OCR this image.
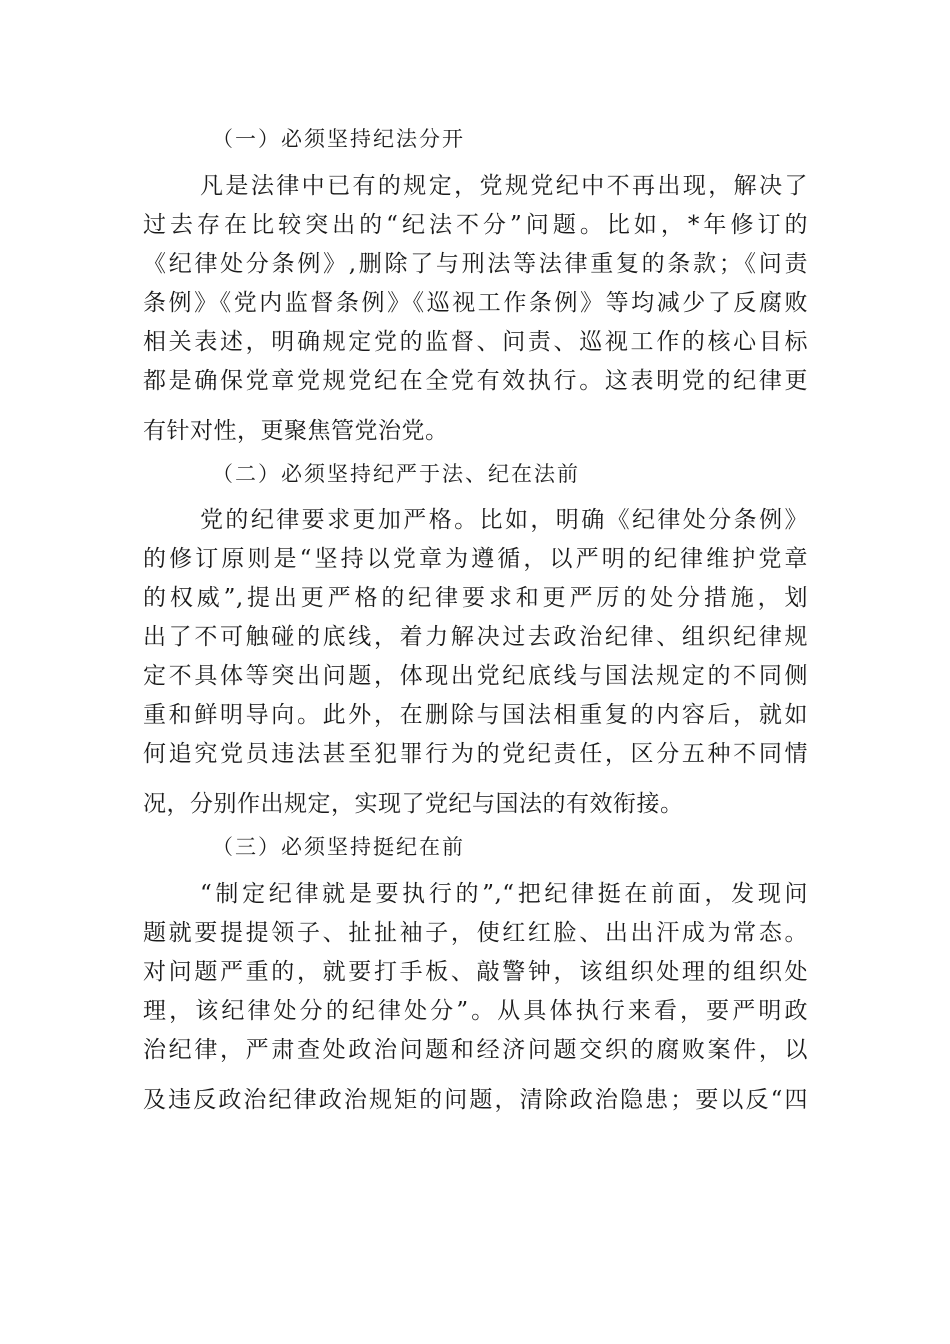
（一）必须坚持纪法分开
凡是法律中已有的规定，党规党纪中不再出现，解决了
过去存在比较突出的“纪法不分”问题。比如，*年修订的
《纪律处分条例》,删除了与刑法等法律重复的条款；《问责
条例》《党内监督条例》《巡视工作条例》等均减少了反腐败
相关表述，明确规定党的监督、问责、巡视工作的核心目标
都是确保党章党规党纪在全党有效执行。这表明党的纪律更
有针对性，更聚焦管党治党。
（二）必须坚持纪严于法、纪在法前
党的纪律要求更加严格。比如，明确《纪律处分条例》
的修订原则是“坚持以党章为遵循，以严明的纪律维护党章
的权威”,提出更严格的纪律要求和更严厉的处分措施，划
出了不可触碰的底线，着力解决过去政治纪律、组织纪律规
定不具体等突出问题，体现出党纪底线与国法规定的不同侧
重和鲜明导向。此外，在删除与国法相重复的内容后，就如
何追究党员违法甚至犯罪行为的党纪责任，区分五种不同情
况，分别作出规定，实现了党纪与国法的有效衔接。
（三）必须坚持挺纪在前
“制定纪律就是要执行的”,“把纪律挺在前面，发现问
题就要提提领子、扯扯袖子，使红红脸、出出汗成为常态。
对问题严重的，就要打手板、敲警钟，该组织处理的组织处
理，该纪律处分的纪律处分”。从具体执行来看，要严明政
治纪律，严肃查处政治问题和经济问题交织的腐败案件，以
及违反政治纪律政治规矩的问题，清除政治隐患；要以反“四
